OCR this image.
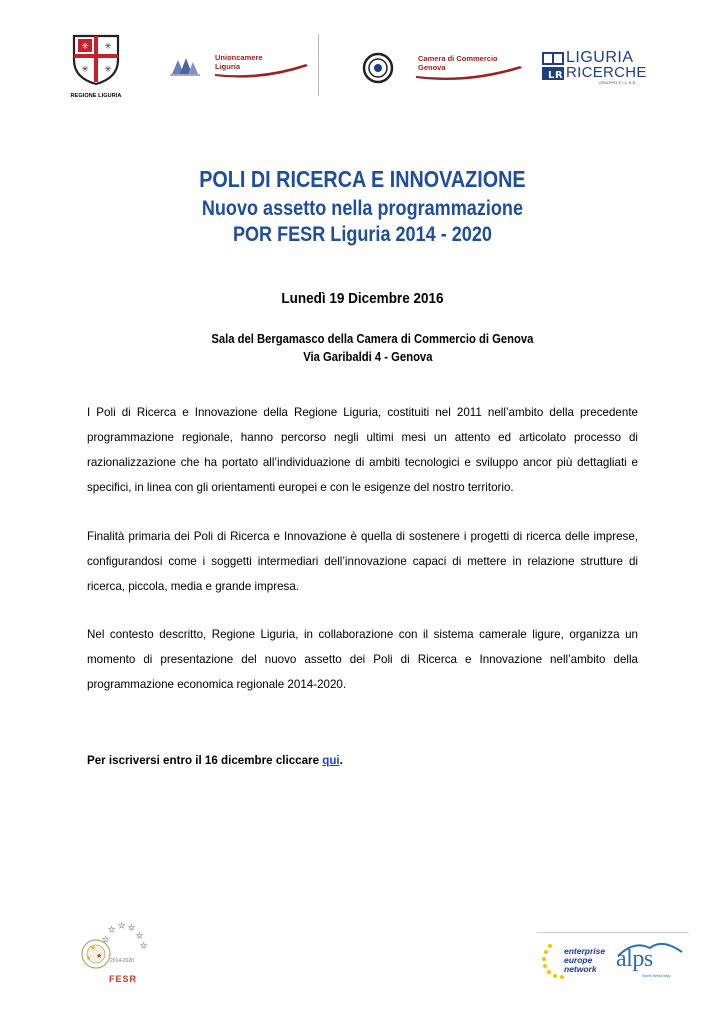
✳ ✳
✳ ✳
REGIONE LIGURIA
Unioncamere
Liguria
Camera di Commercio
Genova
L R
LIGURIA
RICERCHE
GRUPPO F.I.L.S.E.
POLI DI RICERCA E INNOVAZIONE
Nuovo assetto nella programmazione
POR FESR Liguria 2014 - 2020
Lunedì 19 Dicembre 2016
Sala del Bergamasco della Camera di Commercio di Genova
Via Garibaldi 4 - Genova
I Poli di Ricerca e Innovazione della Regione Liguria, costituiti nel 2011 nell’ambito della precedente programmazione regionale, hanno percorso negli ultimi mesi un attento ed articolato processo di razionalizzazione che ha portato all’individuazione di ambiti tecnologici e sviluppo ancor più dettagliati e specifici, in linea con gli orientamenti europei e con le esigenze del nostro territorio.
Finalità primaria dei Poli di Ricerca e Innovazione è quella di sostenere i progetti di ricerca delle imprese, configurandosi come i soggetti intermediari dell’innovazione capaci di mettere in relazione strutture di ricerca, piccola, media e grande impresa.
Nel contesto descritto, Regione Liguria, in collaborazione con il sistema camerale ligure, organizza un momento di presentazione del nuovo assetto dei Poli di Ricerca e Innovazione nell’ambito della programmazione economica regionale 2014-2020.
Per iscriversi entro il 16 dicembre cliccare qui.
★
★
★
★ ★ ★
★
★
★
2014-2020
FESR
enterprise
europe
network alps
North West Italy
